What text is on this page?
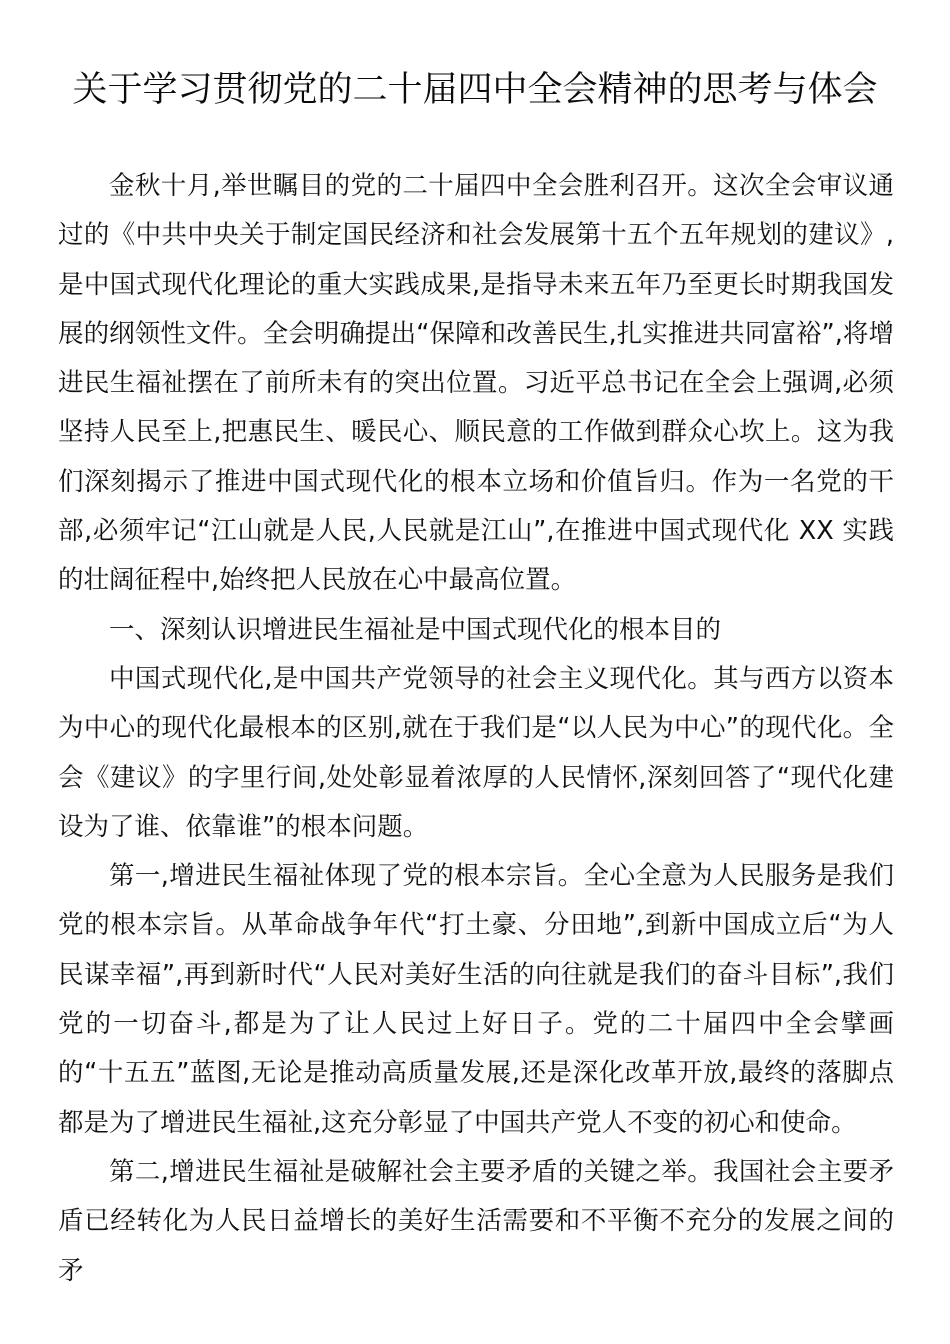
关于学习贯彻党的二十届四中全会精神的思考与体会

金秋十月,举世瞩目的党的二十届四中全会胜利召开。这次全会审议通过的《中共中央关于制定国民经济和社会发展第十五个五年规划的建议》,是中国式现代化理论的重大实践成果,是指导未来五年乃至更长时期我国发展的纲领性文件。全会明确提出“保障和改善民生,扎实推进共同富裕”,将增进民生福祉摆在了前所未有的突出位置。习近平总书记在全会上强调,必须坚持人民至上,把惠民生、暖民心、顺民意的工作做到群众心坎上。这为我们深刻揭示了推进中国式现代化的根本立场和价值旨归。作为一名党的干部,必须牢记“江山就是人民,人民就是江山”,在推进中国式现代化 XX 实践的壮阔征程中,始终把人民放在心中最高位置。

一、深刻认识增进民生福祉是中国式现代化的根本目的

中国式现代化,是中国共产党领导的社会主义现代化。其与西方以资本为中心的现代化最根本的区别,就在于我们是“以人民为中心”的现代化。全会《建议》的字里行间,处处彰显着浓厚的人民情怀,深刻回答了“现代化建设为了谁、依靠谁”的根本问题。

第一,增进民生福祉体现了党的根本宗旨。全心全意为人民服务是我们党的根本宗旨。从革命战争年代“打土豪、分田地”,到新中国成立后“为人民谋幸福”,再到新时代“人民对美好生活的向往就是我们的奋斗目标”,我们党的一切奋斗,都是为了让人民过上好日子。党的二十届四中全会擘画的“十五五”蓝图,无论是推动高质量发展,还是深化改革开放,最终的落脚点都是为了增进民生福祉,这充分彰显了中国共产党人不变的初心和使命。

第二,增进民生福祉是破解社会主要矛盾的关键之举。我国社会主要矛盾已经转化为人民日益增长的美好生活需要和不平衡不充分的发展之间的矛
